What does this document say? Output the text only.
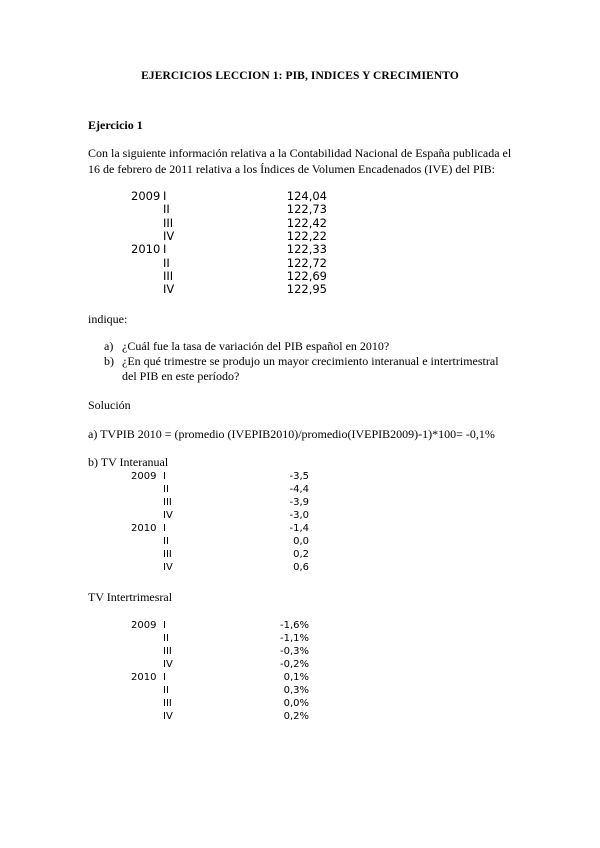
EJERCICIOS LECCION 1: PIB, INDICES Y CRECIMIENTO
Ejercicio 1
Con la siguiente información relativa a la Contabilidad Nacional de España publicada el
16 de febrero de 2011 relativa a los Índices de Volumen Encadenados (IVE) del PIB:
2009 I	124,04
II	122,73
III	122,42
IV	122,22
2010 I	122,33
II	122,72
III	122,69
IV	122,95
indique:
a) ¿Cuál fue la tasa de variación del PIB español en 2010?
b) ¿En qué trimestre se produjo un mayor crecimiento interanual e intertrimestral
del PIB en este período?
Solución
a) TVPIB 2010 = (promedio (IVEPIB2010)/promedio(IVEPIB2009)-1)*100= -0,1%
b) TV Interanual
2009 I	-3,5
II	-4,4
III	-3,9
IV	-3,0
2010 I	-1,4
II	0,0
III	0,2
IV	0,6
TV Intertrimesral
2009 I	-1,6%
II	-1,1%
III	-0,3%
IV	-0,2%
2010 I	0,1%
II	0,3%
III	0,0%
IV	0,2%
